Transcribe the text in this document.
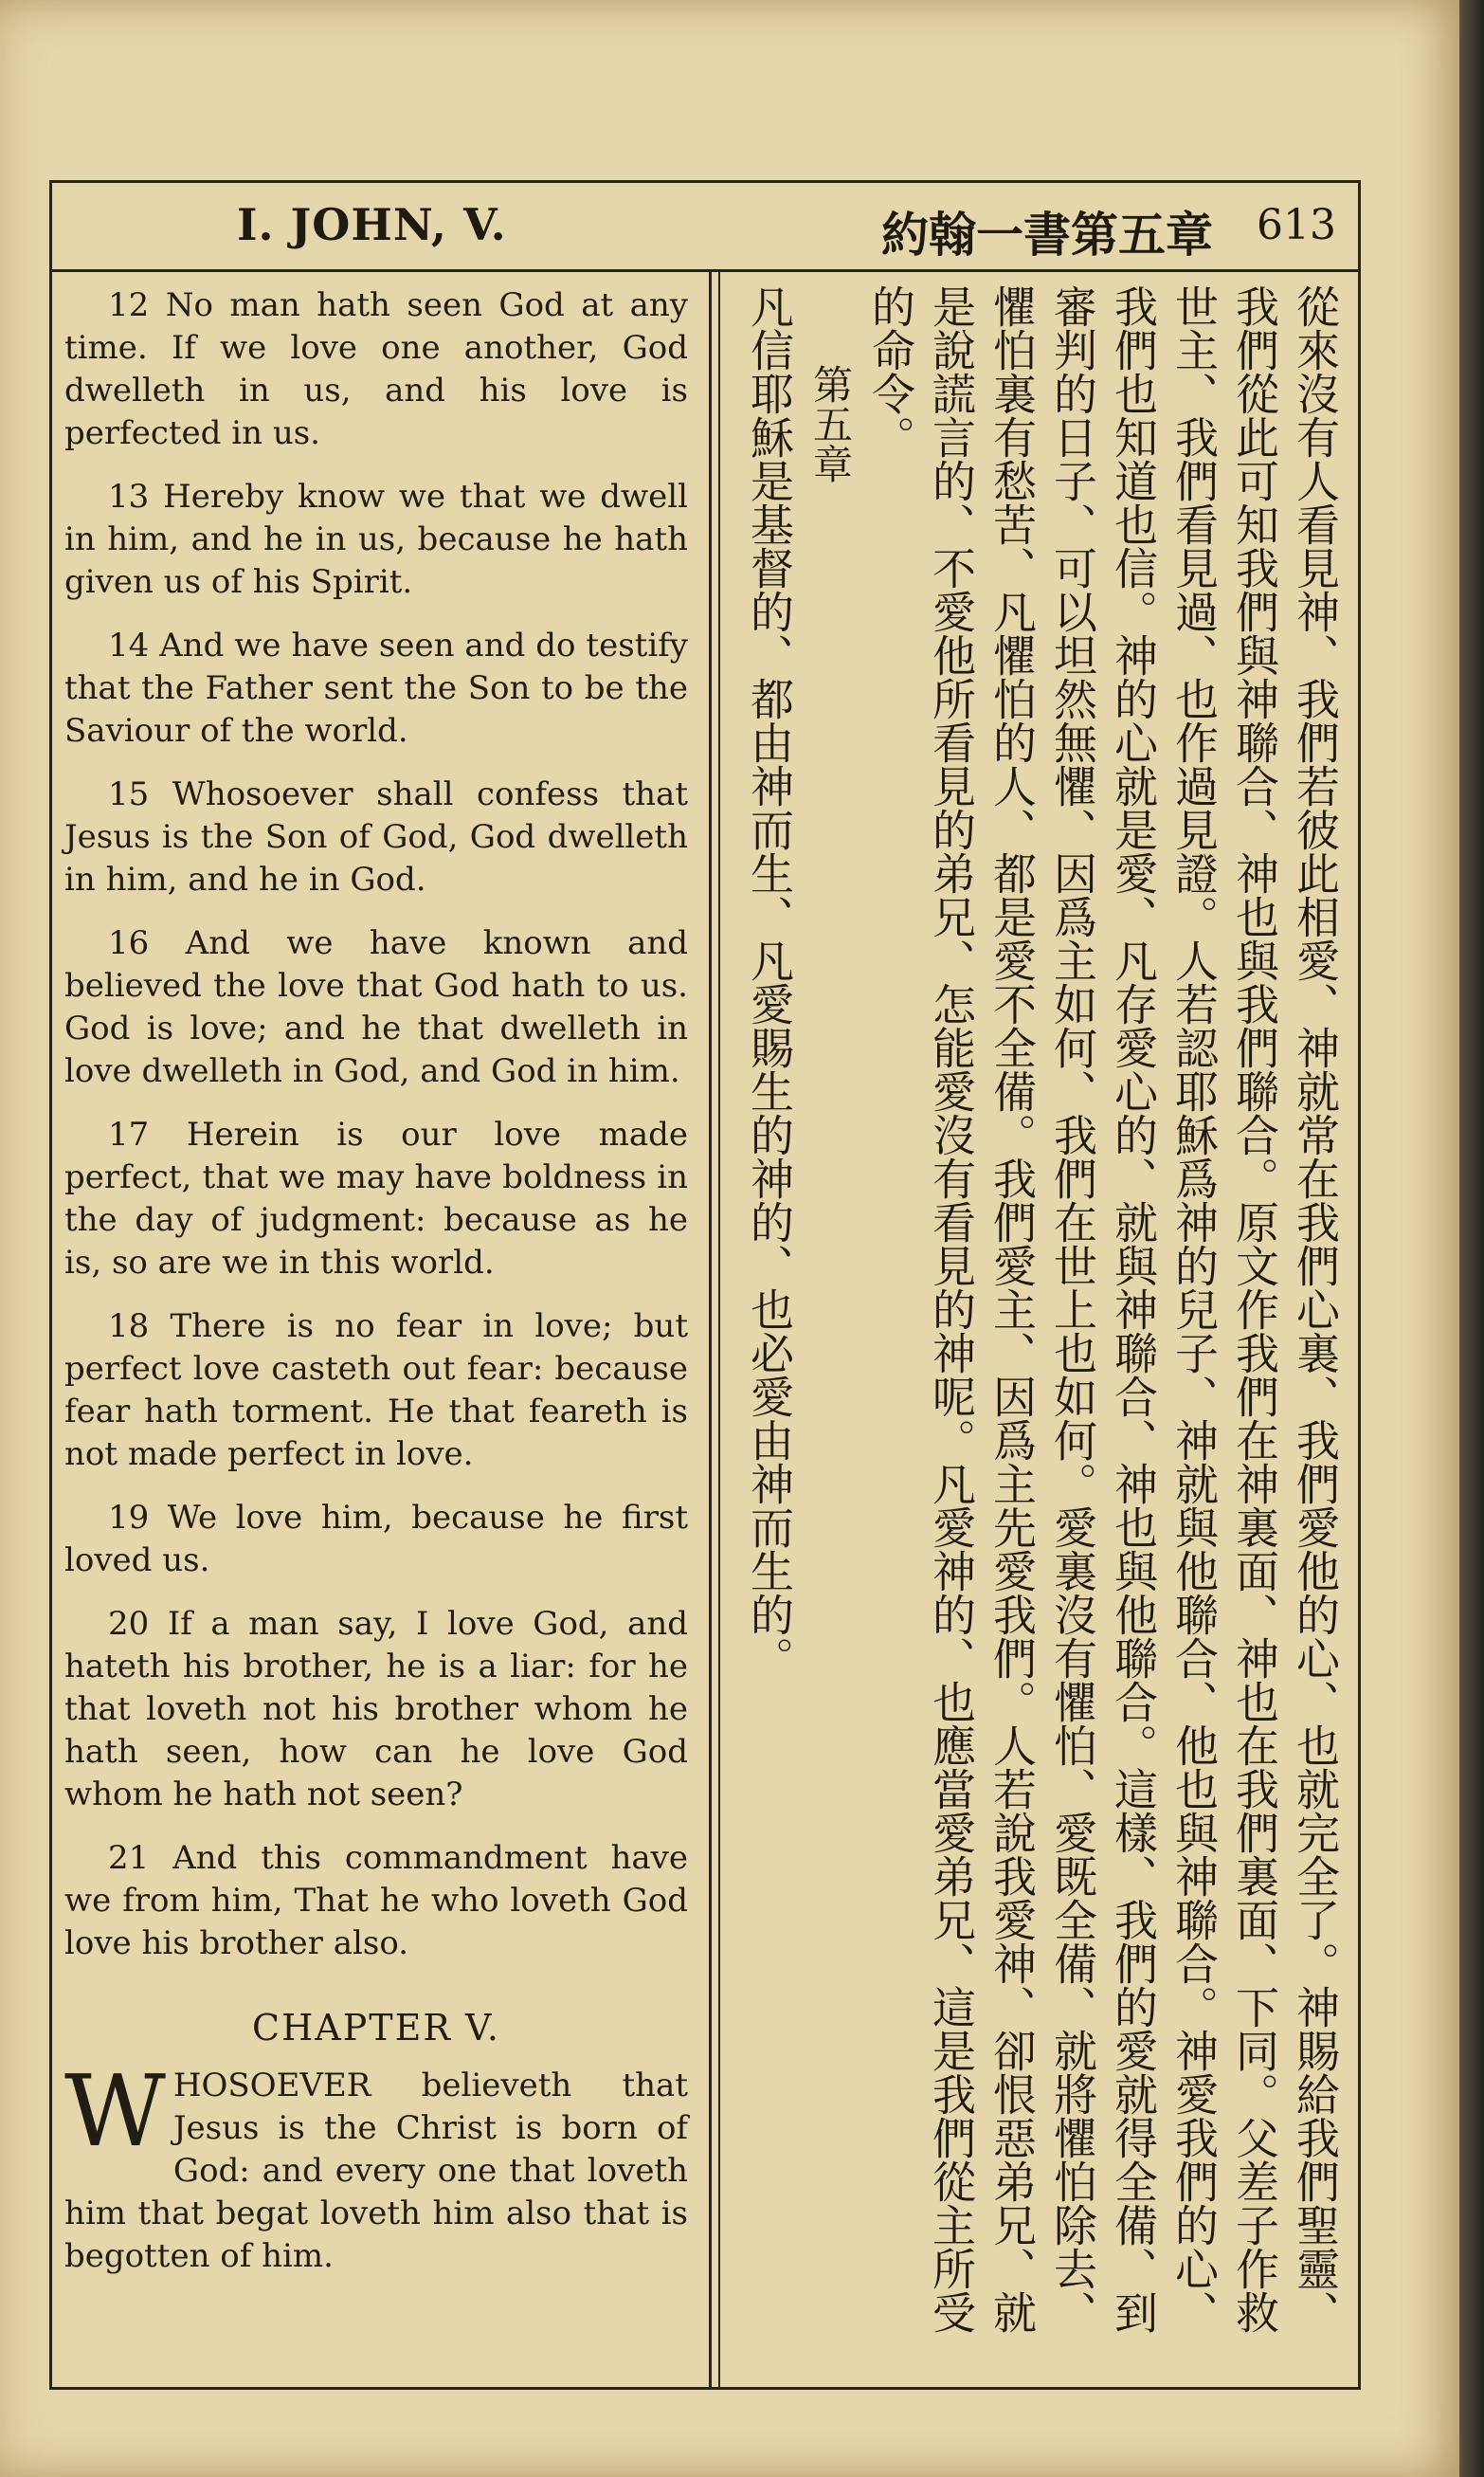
I. JOHN, V.	約翰一書第五章	613

12 No man hath seen God at any time. If we love one another, God dwelleth in us, and his love is perfected in us.

13 Hereby know we that we dwell in him, and he in us, because he hath given us of his Spirit.

14 And we have seen and do testify that the Father sent the Son to be the Saviour of the world.

15 Whosoever shall confess that Jesus is the Son of God, God dwelleth in him, and he in God.

16 And we have known and believed the love that God hath to us. God is love; and he that dwelleth in love dwelleth in God, and God in him.

17 Herein is our love made perfect, that we may have boldness in the day of judgment: because as he is, so are we in this world.

18 There is no fear in love; but perfect love casteth out fear: because fear hath torment. He that feareth is not made perfect in love.

19 We love him, because he first loved us.

20 If a man say, I love God, and hateth his brother, he is a liar: for he that loveth not his brother whom he hath seen, how can he love God whom he hath not seen?

21 And this commandment have we from him, That he who loveth God love his brother also.

CHAPTER V.

W HOSOEVER believeth that Jesus is the Christ is born of God: and every one that loveth him that begat loveth him also that is begotten of him.	從來沒有人看見神、我們若彼此相愛、神就常在我們心裏、我們愛他的心、也就完全了。神賜給我們聖靈、我們從此可知我們與神聯合、神也與我們聯合。原文作我們在神裏面、神也在我們裏面、下同。父差子作救世主、我們看見過、也作過見證。人若認耶穌爲神的兒子、神就與他聯合、他也與神聯合。神愛我們的心、我們也知道也信。神的心就是愛、凡存愛心的、就與神聯合、神也與他聯合。這樣、我們的愛就得全備、到審判的日子、可以坦然無懼、因爲主如何、我們在世上也如何。愛裏沒有懼怕、愛既全備、就將懼怕除去、懼怕裏有愁苦、凡懼怕的人、都是愛不全備。我們愛主、因爲主先愛我們。人若說我愛神、卻恨惡弟兄、就是說謊言的、不愛他所看見的弟兄、怎能愛沒有看見的神呢。凡愛神的、也應當愛弟兄、這是我們從主所受的命令。

第五章

凡信耶穌是基督的、都由神而生、凡愛賜生的神的、也必愛由神而生的。
